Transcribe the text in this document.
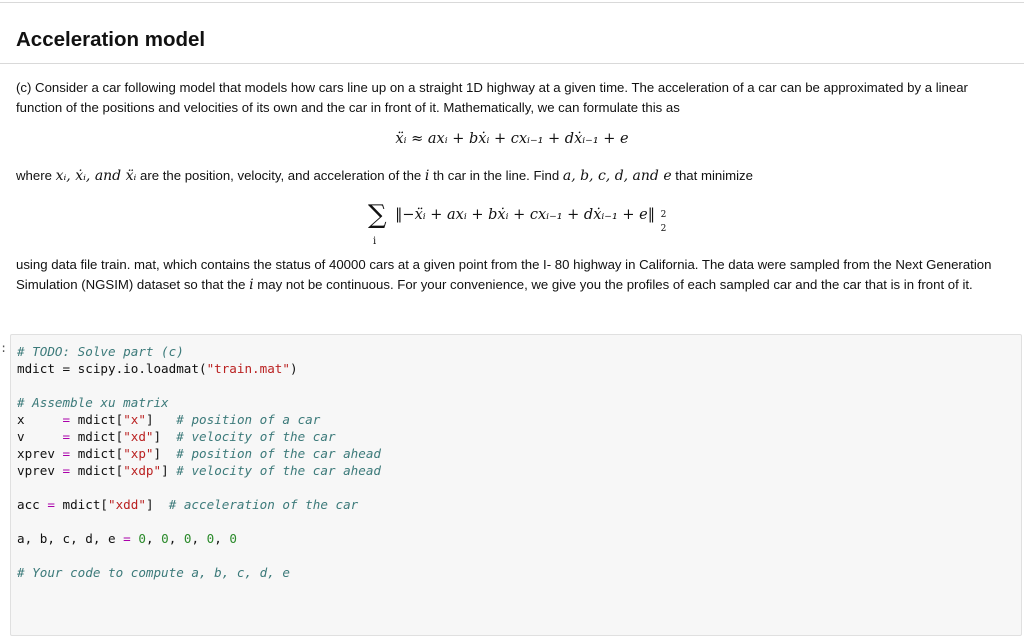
Acceleration model

(c) Consider a car following model that models how cars line up on a straight 1D highway at a given time. The acceleration of a car can be approximated by a linear function of the positions and velocities of its own and the car in front of it. Mathematically, we can formulate this as

ẍᵢ ≈ axᵢ + bẋᵢ + cxᵢ₋₁ + dẋᵢ₋₁ + e

where xᵢ, ẋᵢ, and ẍᵢ are the position, velocity, and acceleration of the i th car in the line. Find a, b, c, d, and e that minimize

∑
i
‖−ẍᵢ + axᵢ + bẋᵢ + cxᵢ₋₁ + dẋᵢ₋₁ + e‖ 2
2

using data file train. mat, which contains the status of 40000 cars at a given point from the I- 80 highway in California. The data were sampled from the Next Generation Simulation (NGSIM) dataset so that the i may not be continuous. For your convenience, we give you the profiles of each sampled car and the car that is in front of it.

: # TODO: Solve part (c)
mdict = scipy.io.loadmat("train.mat")

# Assemble xu matrix
x	= mdict["x"] # position of a car
v	= mdict["xd"] # velocity of the car
xprev = mdict["xp"] # position of the car ahead
vprev = mdict["xdp"] # velocity of the car ahead

acc = mdict["xdd"]  # acceleration of the car

a, b, c, d, e = 0, 0, 0, 0, 0

# Your code to compute a, b, c, d, e
